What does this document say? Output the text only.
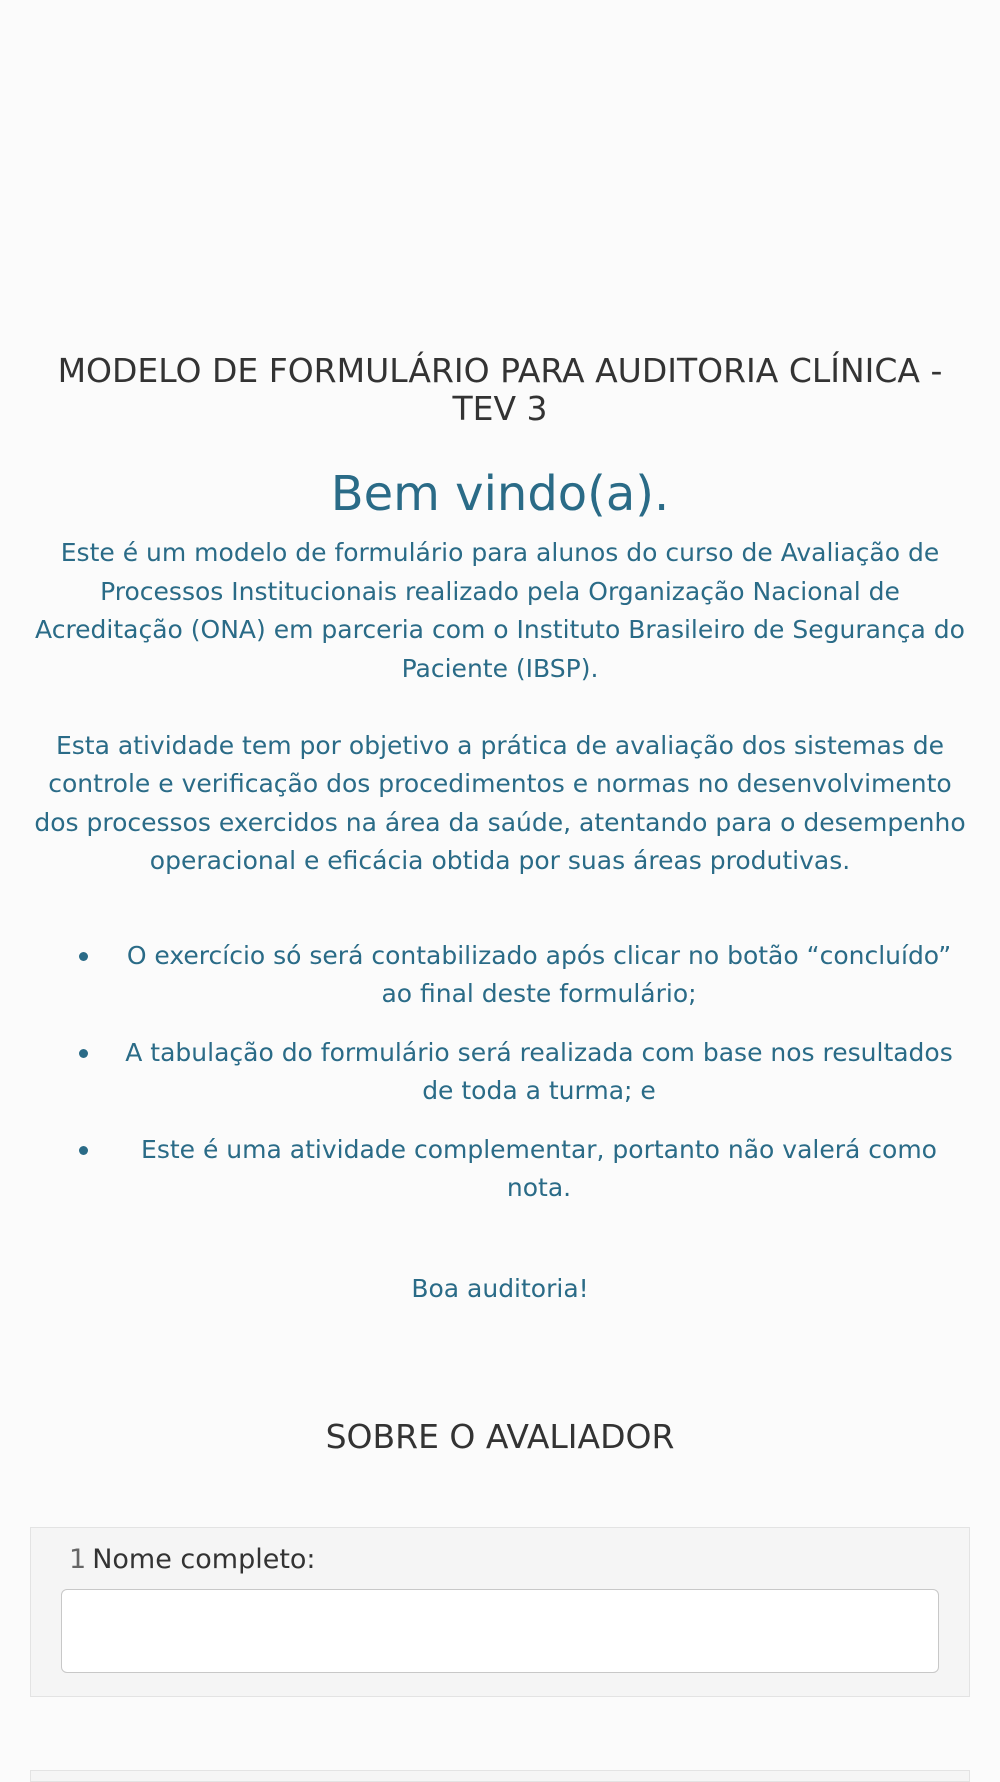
MODELO DE FORMULÁRIO PARA AUDITORIA CLÍNICA - TEV 3
Bem vindo(a).

Este é um modelo de formulário para alunos do curso de Avaliação de Processos Institucionais realizado pela Organização Nacional de Acreditação (ONA) em parceria com o Instituto Brasileiro de Segurança do Paciente (IBSP).

Esta atividade tem por objetivo a prática de avaliação dos sistemas de controle e verificação dos procedimentos e normas no desenvolvimento dos processos exercidos na área da saúde, atentando para o desempenho operacional e eficácia obtida por suas áreas produtivas.

O exercício só será contabilizado após clicar no botão “concluído” ao final deste formulário;
A tabulação do formulário será realizada com base nos resultados de toda a turma; e
Este é uma atividade complementar, portanto não valerá como nota.

Boa auditoria!

SOBRE O AVALIADOR
1 Nome completo:
